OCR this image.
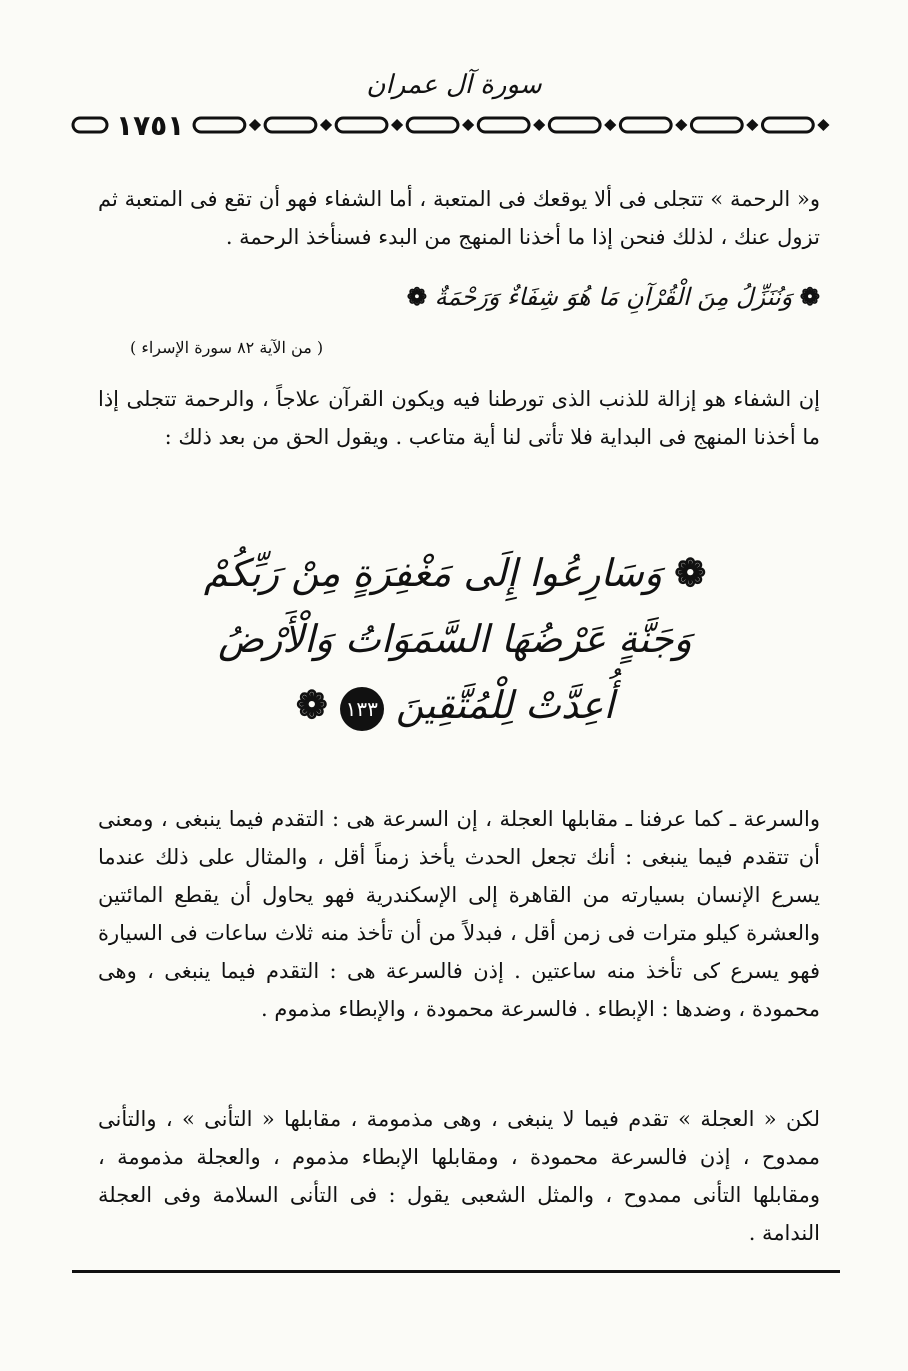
سورة آل عمران
١٧٥١
و« الرحمة » تتجلى فى ألا يوقعك فى المتعبة ، أما الشفاء فهو أن تقع فى المتعبة ثم تزول عنك ، لذلك فنحن إذا ما أخذنا المنهج من البدء فسنأخذ الرحمة .
❁ وَنُنَزِّلُ مِنَ الْقُرْآنِ مَا هُوَ شِفَاءٌ وَرَحْمَةٌ ❁
( من الآية ٨٢ سورة الإسراء )
إن الشفاء هو إزالة للذنب الذى تورطنا فيه ويكون القرآن علاجاً ، والرحمة تتجلى إذا ما أخذنا المنهج فى البداية فلا تأتى لنا أية متاعب . ويقول الحق من بعد ذلك :
❁ وَسَارِعُوا إِلَى مَغْفِرَةٍ مِنْ رَبِّكُمْ
وَجَنَّةٍ عَرْضُهَا السَّمَوَاتُ وَالْأَرْضُ
أُعِدَّتْ لِلْمُتَّقِينَ ١٣٣ ❁
والسرعة ـ كما عرفنا ـ مقابلها العجلة ، إن السرعة هى : التقدم فيما ينبغى ، ومعنى أن تتقدم فيما ينبغى : أنك تجعل الحدث يأخذ زمناً أقل ، والمثال على ذلك عندما يسرع الإنسان بسيارته من القاهرة إلى الإسكندرية فهو يحاول أن يقطع المائتين والعشرة كيلو مترات فى زمن أقل ، فبدلاً من أن تأخذ منه ثلاث ساعات فى السيارة فهو يسرع كى تأخذ منه ساعتين . إذن فالسرعة هى : التقدم فيما ينبغى ، وهى محمودة ، وضدها : الإبطاء . فالسرعة محمودة ، والإبطاء مذموم .
لكن « العجلة » تقدم فيما لا ينبغى ، وهى مذمومة ، مقابلها « التأنى » ، والتأنى ممدوح ، إذن فالسرعة محمودة ، ومقابلها الإبطاء مذموم ، والعجلة مذمومة ، ومقابلها التأنى ممدوح ، والمثل الشعبى يقول : فى التأنى السلامة وفى العجلة الندامة .
